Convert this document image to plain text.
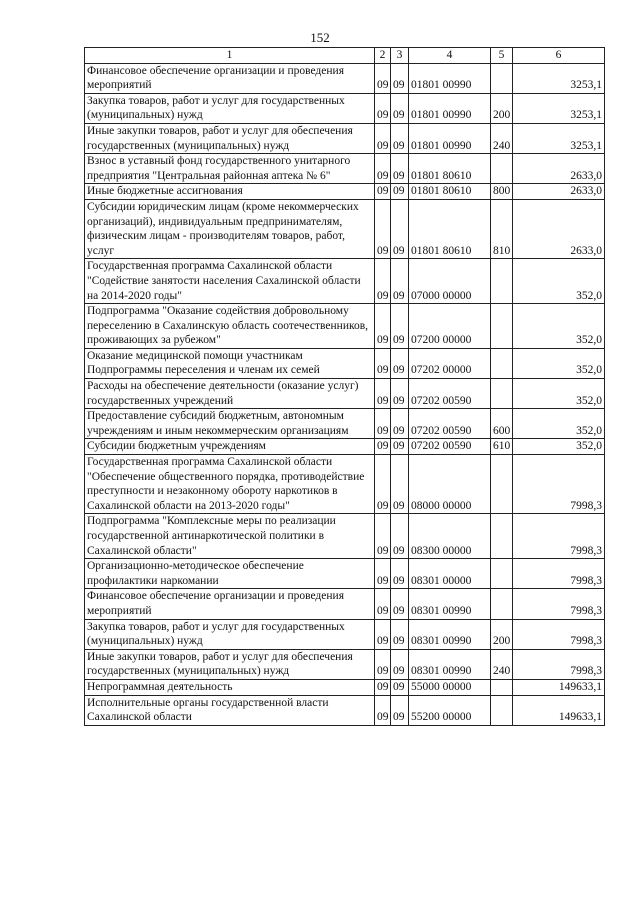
152
1	2	3	4	5	6
Финансовое обеспечение организации и проведения мероприятий	09	09	01801 00990		3253,1
Закупка товаров, работ и услуг для государственных (муниципальных) нужд	09	09	01801 00990	200	3253,1
Иные закупки товаров, работ и услуг для обеспечения государственных (муниципальных) нужд	09	09	01801 00990	240	3253,1
Взнос в уставный фонд государственного унитарного предприятия "Центральная районная аптека № 6"	09	09	01801 80610		2633,0
Иные бюджетные ассигнования	09	09	01801 80610	800	2633,0
Субсидии юридическим лицам (кроме некоммерческих организаций), индивидуальным предпринимателям, физическим лицам - производителям товаров, работ, услуг	09	09	01801 80610	810	2633,0
Государственная программа Сахалинской области "Содействие занятости населения Сахалинской области на 2014-2020 годы"	09	09	07000 00000		352,0
Подпрограмма "Оказание содействия добровольному переселению в Сахалинскую область соотечественников, проживающих за рубежом"	09	09	07200 00000		352,0
Оказание медицинской помощи участникам Подпрограммы переселения и членам их семей	09	09	07202 00000		352,0
Расходы на обеспечение деятельности (оказание услуг) государственных учреждений	09	09	07202 00590		352,0
Предоставление субсидий бюджетным, автономным учреждениям и иным некоммерческим организациям	09	09	07202 00590	600	352,0
Субсидии бюджетным учреждениям	09	09	07202 00590	610	352,0
Государственная программа Сахалинской области "Обеспечение общественного порядка, противодействие преступности и незаконному обороту наркотиков в Сахалинской области на 2013-2020 годы"	09	09	08000 00000		7998,3
Подпрограмма "Комплексные меры по реализации государственной антинаркотической политики в Сахалинской области"	09	09	08300 00000		7998,3
Организационно-методическое обеспечение профилактики наркомании	09	09	08301 00000		7998,3
Финансовое обеспечение организации и проведения мероприятий	09	09	08301 00990		7998,3
Закупка товаров, работ и услуг для государственных (муниципальных) нужд	09	09	08301 00990	200	7998,3
Иные закупки товаров, работ и услуг для обеспечения государственных (муниципальных) нужд	09	09	08301 00990	240	7998,3
Непрограммная деятельность	09	09	55000 00000		149633,1
Исполнительные органы государственной власти Сахалинской области	09	09	55200 00000		149633,1
